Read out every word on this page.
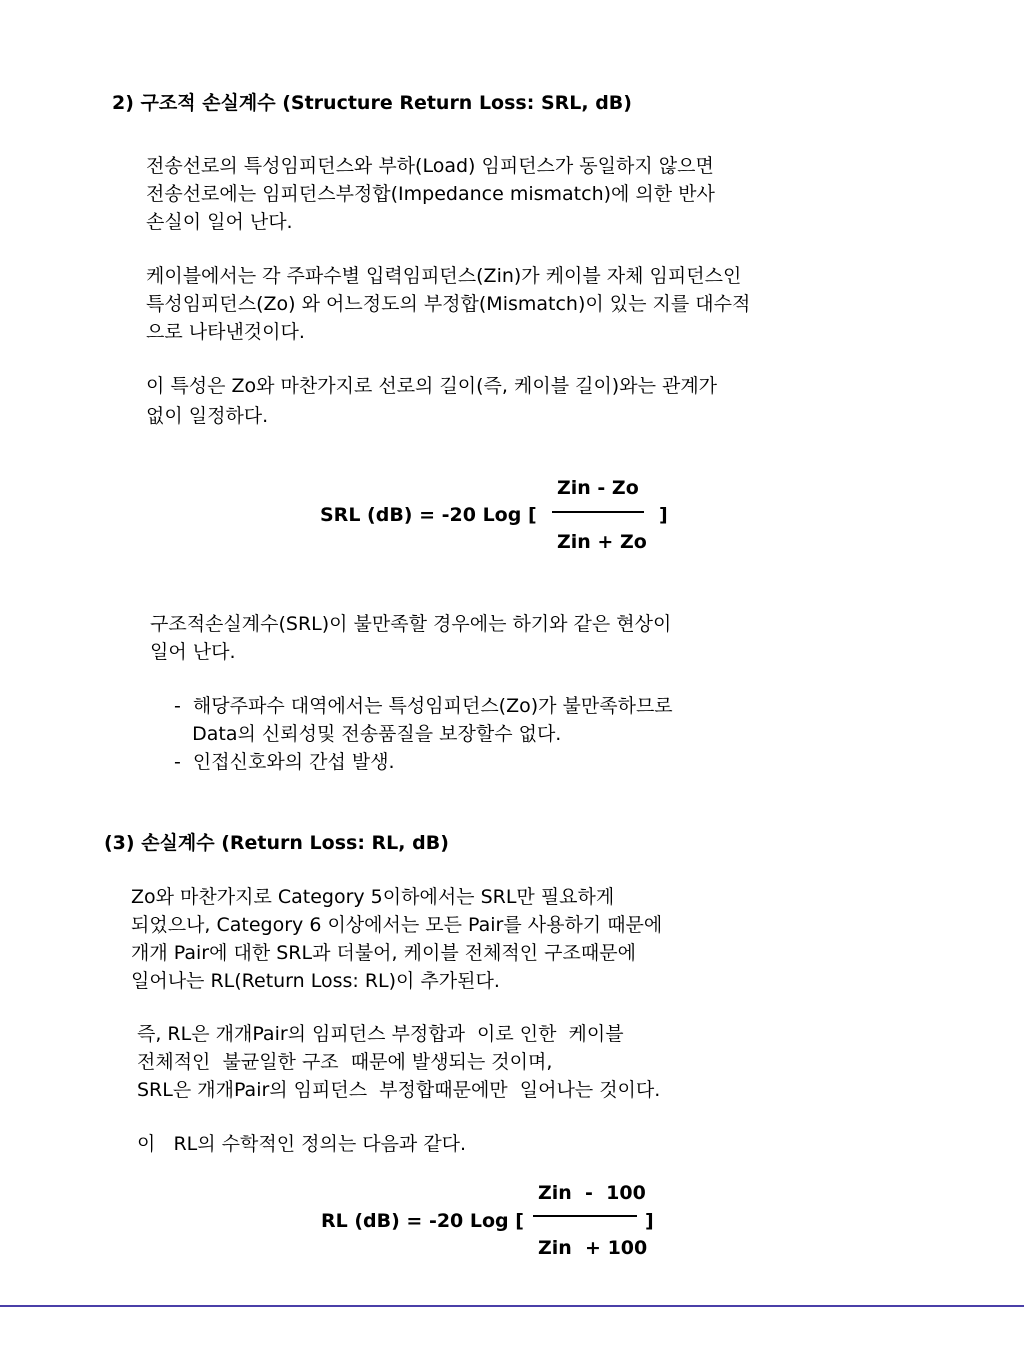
2) 구조적 손실계수 (Structure Return Loss: SRL, dB)
전송선로의 특성임피던스와 부하(Load) 임피던스가 동일하지 않으면
전송선로에는 임피던스부정합(Impedance mismatch)에 의한 반사
손실이 일어 난다.
케이블에서는 각 주파수별 입력임피던스(Zin)가 케이블 자체 임피던스인
특성임피던스(Zo) 와 어느정도의 부정합(Mismatch)이 있는 지를 대수적
으로 나타낸것이다.
이 특성은 Zo와 마찬가지로 선로의 길이(즉, 케이블 길이)와는 관계가
없이 일정하다.
Zin - Zo
SRL (dB) = -20 Log [	]
Zin + Zo
구조적손실계수(SRL)이 불만족할 경우에는 하기와 같은 현상이
일어 난다.
-  해당주파수 대역에서는 특성임피던스(Zo)가 불만족하므로
Data의 신뢰성및 전송품질을 보장할수 없다.
-  인접신호와의 간섭 발생.
(3) 손실계수 (Return Loss: RL, dB)
Zo와 마찬가지로 Category 5이하에서는 SRL만 필요하게
되었으나, Category 6 이상에서는 모든 Pair를 사용하기 때문에
개개 Pair에 대한 SRL과 더불어, 케이블 전체적인 구조때문에
일어나는 RL(Return Loss: RL)이 추가된다.
즉, RL은 개개Pair의 임피던스 부정합과  이로 인한  케이블
전체적인  불균일한 구조  때문에 발생되는 것이며,
SRL은 개개Pair의 임피던스  부정합때문에만  일어나는 것이다.
이   RL의 수학적인 정의는 다음과 같다.
Zin  -  100
RL (dB) = -20 Log [	]
Zin  + 100
